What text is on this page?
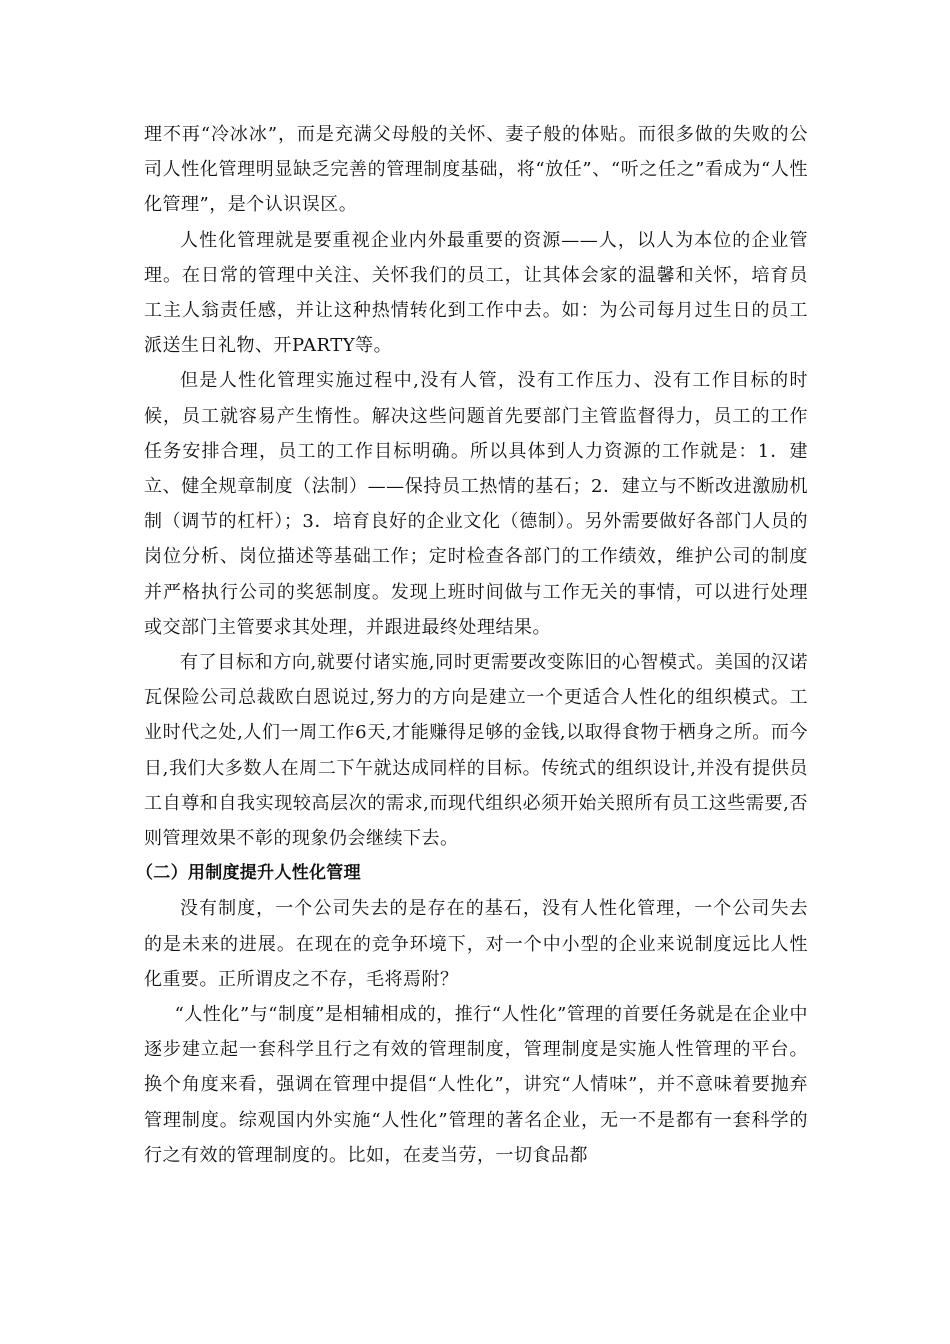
理不再“冷冰冰”，而是充满父母般的关怀、妻子般的体贴。而很多做的失败的公司人性化管理明显缺乏完善的管理制度基础，将“放任”、“听之任之”看成为“人性化管理”，是个认识误区。

人性化管理就是要重视企业内外最重要的资源——人，以人为本位的企业管理。在日常的管理中关注、关怀我们的员工，让其体会家的温馨和关怀，培育员工主人翁责任感，并让这种热情转化到工作中去。如：为公司每月过生日的员工派送生日礼物、开PARTY等。

但是人性化管理实施过程中,没有人管，没有工作压力、没有工作目标的时候，员工就容易产生惰性。解决这些问题首先要部门主管监督得力，员工的工作任务安排合理，员工的工作目标明确。所以具体到人力资源的工作就是：1．建立、健全规章制度（法制）——保持员工热情的基石；2．建立与不断改进激励机制（调节的杠杆）；3．培育良好的企业文化（德制）。另外需要做好各部门人员的岗位分析、岗位描述等基础工作；定时检查各部门的工作绩效，维护公司的制度并严格执行公司的奖惩制度。发现上班时间做与工作无关的事情，可以进行处理或交部门主管要求其处理，并跟进最终处理结果。

有了目标和方向,就要付诸实施,同时更需要改变陈旧的心智模式。美国的汉诺瓦保险公司总裁欧白恩说过,努力的方向是建立一个更适合人性化的组织模式。工业时代之处,人们一周工作6天,才能赚得足够的金钱,以取得食物于栖身之所。而今日,我们大多数人在周二下午就达成同样的目标。传统式的组织设计,并没有提供员工自尊和自我实现较高层次的需求,而现代组织必须开始关照所有员工这些需要,否则管理效果不彰的现象仍会继续下去。

（二）用制度提升人性化管理

没有制度，一个公司失去的是存在的基石，没有人性化管理，一个公司失去的是未来的进展。在现在的竞争环境下，对一个中小型的企业来说制度远比人性化重要。正所谓皮之不存，毛将焉附？

“人性化”与“制度”是相辅相成的，推行“人性化”管理的首要任务就是在企业中逐步建立起一套科学且行之有效的管理制度，管理制度是实施人性管理的平台。换个角度来看，强调在管理中提倡“人性化”，讲究“人情味”，并不意味着要抛弃管理制度。综观国内外实施“人性化”管理的著名企业，无一不是都有一套科学的行之有效的管理制度的。比如，在麦当劳，一切食品都
